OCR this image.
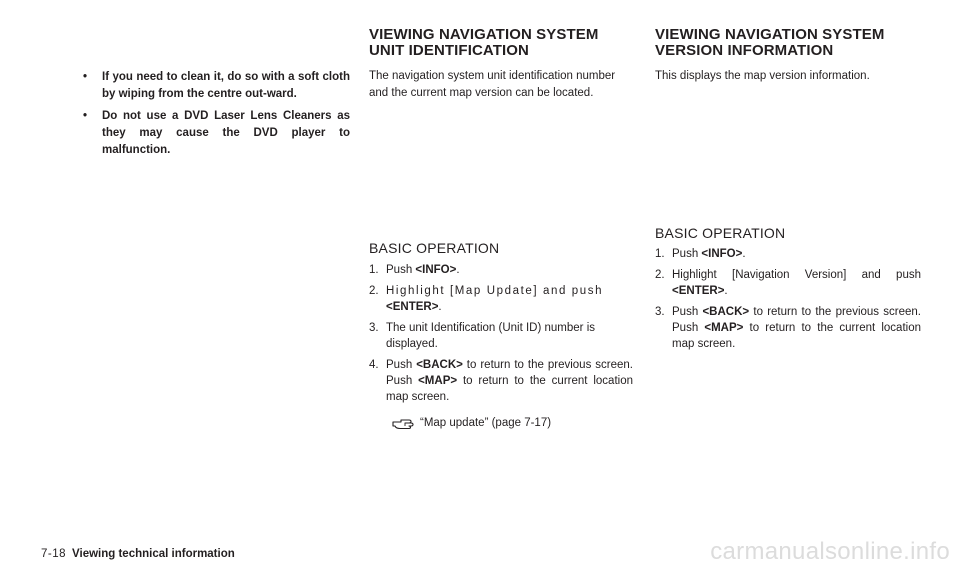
• If you need to clean it, do so with a soft cloth by wiping from the centre out-ward.
• Do not use a DVD Laser Lens Cleaners as they may cause the DVD player to malfunction.
VIEWING NAVIGATION SYSTEM
UNIT IDENTIFICATION
The navigation system unit identification number and the current map version can be located.
BASIC OPERATION
1. Push <INFO>.
2. Highlight [Map Update] and push
<ENTER>.
3. The unit Identification (Unit ID) number is displayed.
4. Push <BACK> to return to the previous screen. Push <MAP> to return to the current location map screen.
“Map update” (page 7-17)
VIEWING NAVIGATION SYSTEM
VERSION INFORMATION
This displays the map version information.
BASIC OPERATION
1. Push <INFO>.
2. Highlight [Navigation Version] and push <ENTER>.
3. Push <BACK> to return to the previous screen. Push <MAP> to return to the current location map screen.
7-18 Viewing technical information	carmanualsonline.info
